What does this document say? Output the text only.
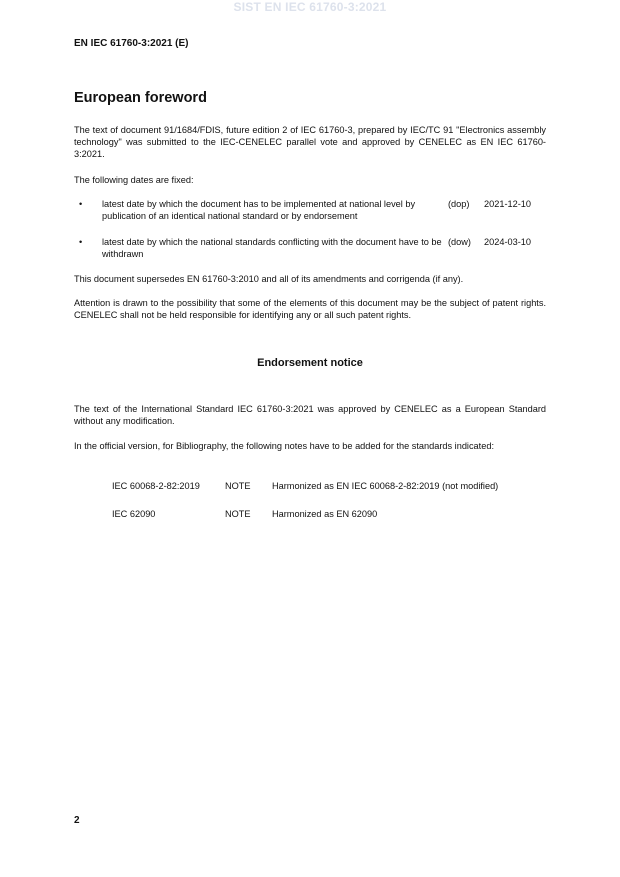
SIST EN IEC 61760-3:2021
EN IEC 61760-3:2021 (E)
European foreword

The text of document 91/1684/FDIS, future edition 2 of IEC 61760-3, prepared by IEC/TC 91 "Electronics assembly technology" was submitted to the IEC-CENELEC parallel vote and approved by CENELEC as EN IEC 61760-3:2021.

The following dates are fixed:

• latest date by which the document has to be implemented at national level by publication of an identical national standard or by endorsement
(dop) 2021-12-10
• latest date by which the national standards conflicting with the document have to be withdrawn
(dow) 2024-03-10

This document supersedes EN 61760-3:2010 and all of its amendments and corrigenda (if any).

Attention is drawn to the possibility that some of the elements of this document may be the subject of patent rights. CENELEC shall not be held responsible for identifying any or all such patent rights.

Endorsement notice

The text of the International Standard IEC 61760-3:2021 was approved by CENELEC as a European Standard without any modification.

In the official version, for Bibliography, the following notes have to be added for the standards indicated:

IEC 60068-2-82:2019	NOTE Harmonized as EN IEC 60068-2-82:2019 (not modified)
IEC 62090	NOTE Harmonized as EN 62090
2
